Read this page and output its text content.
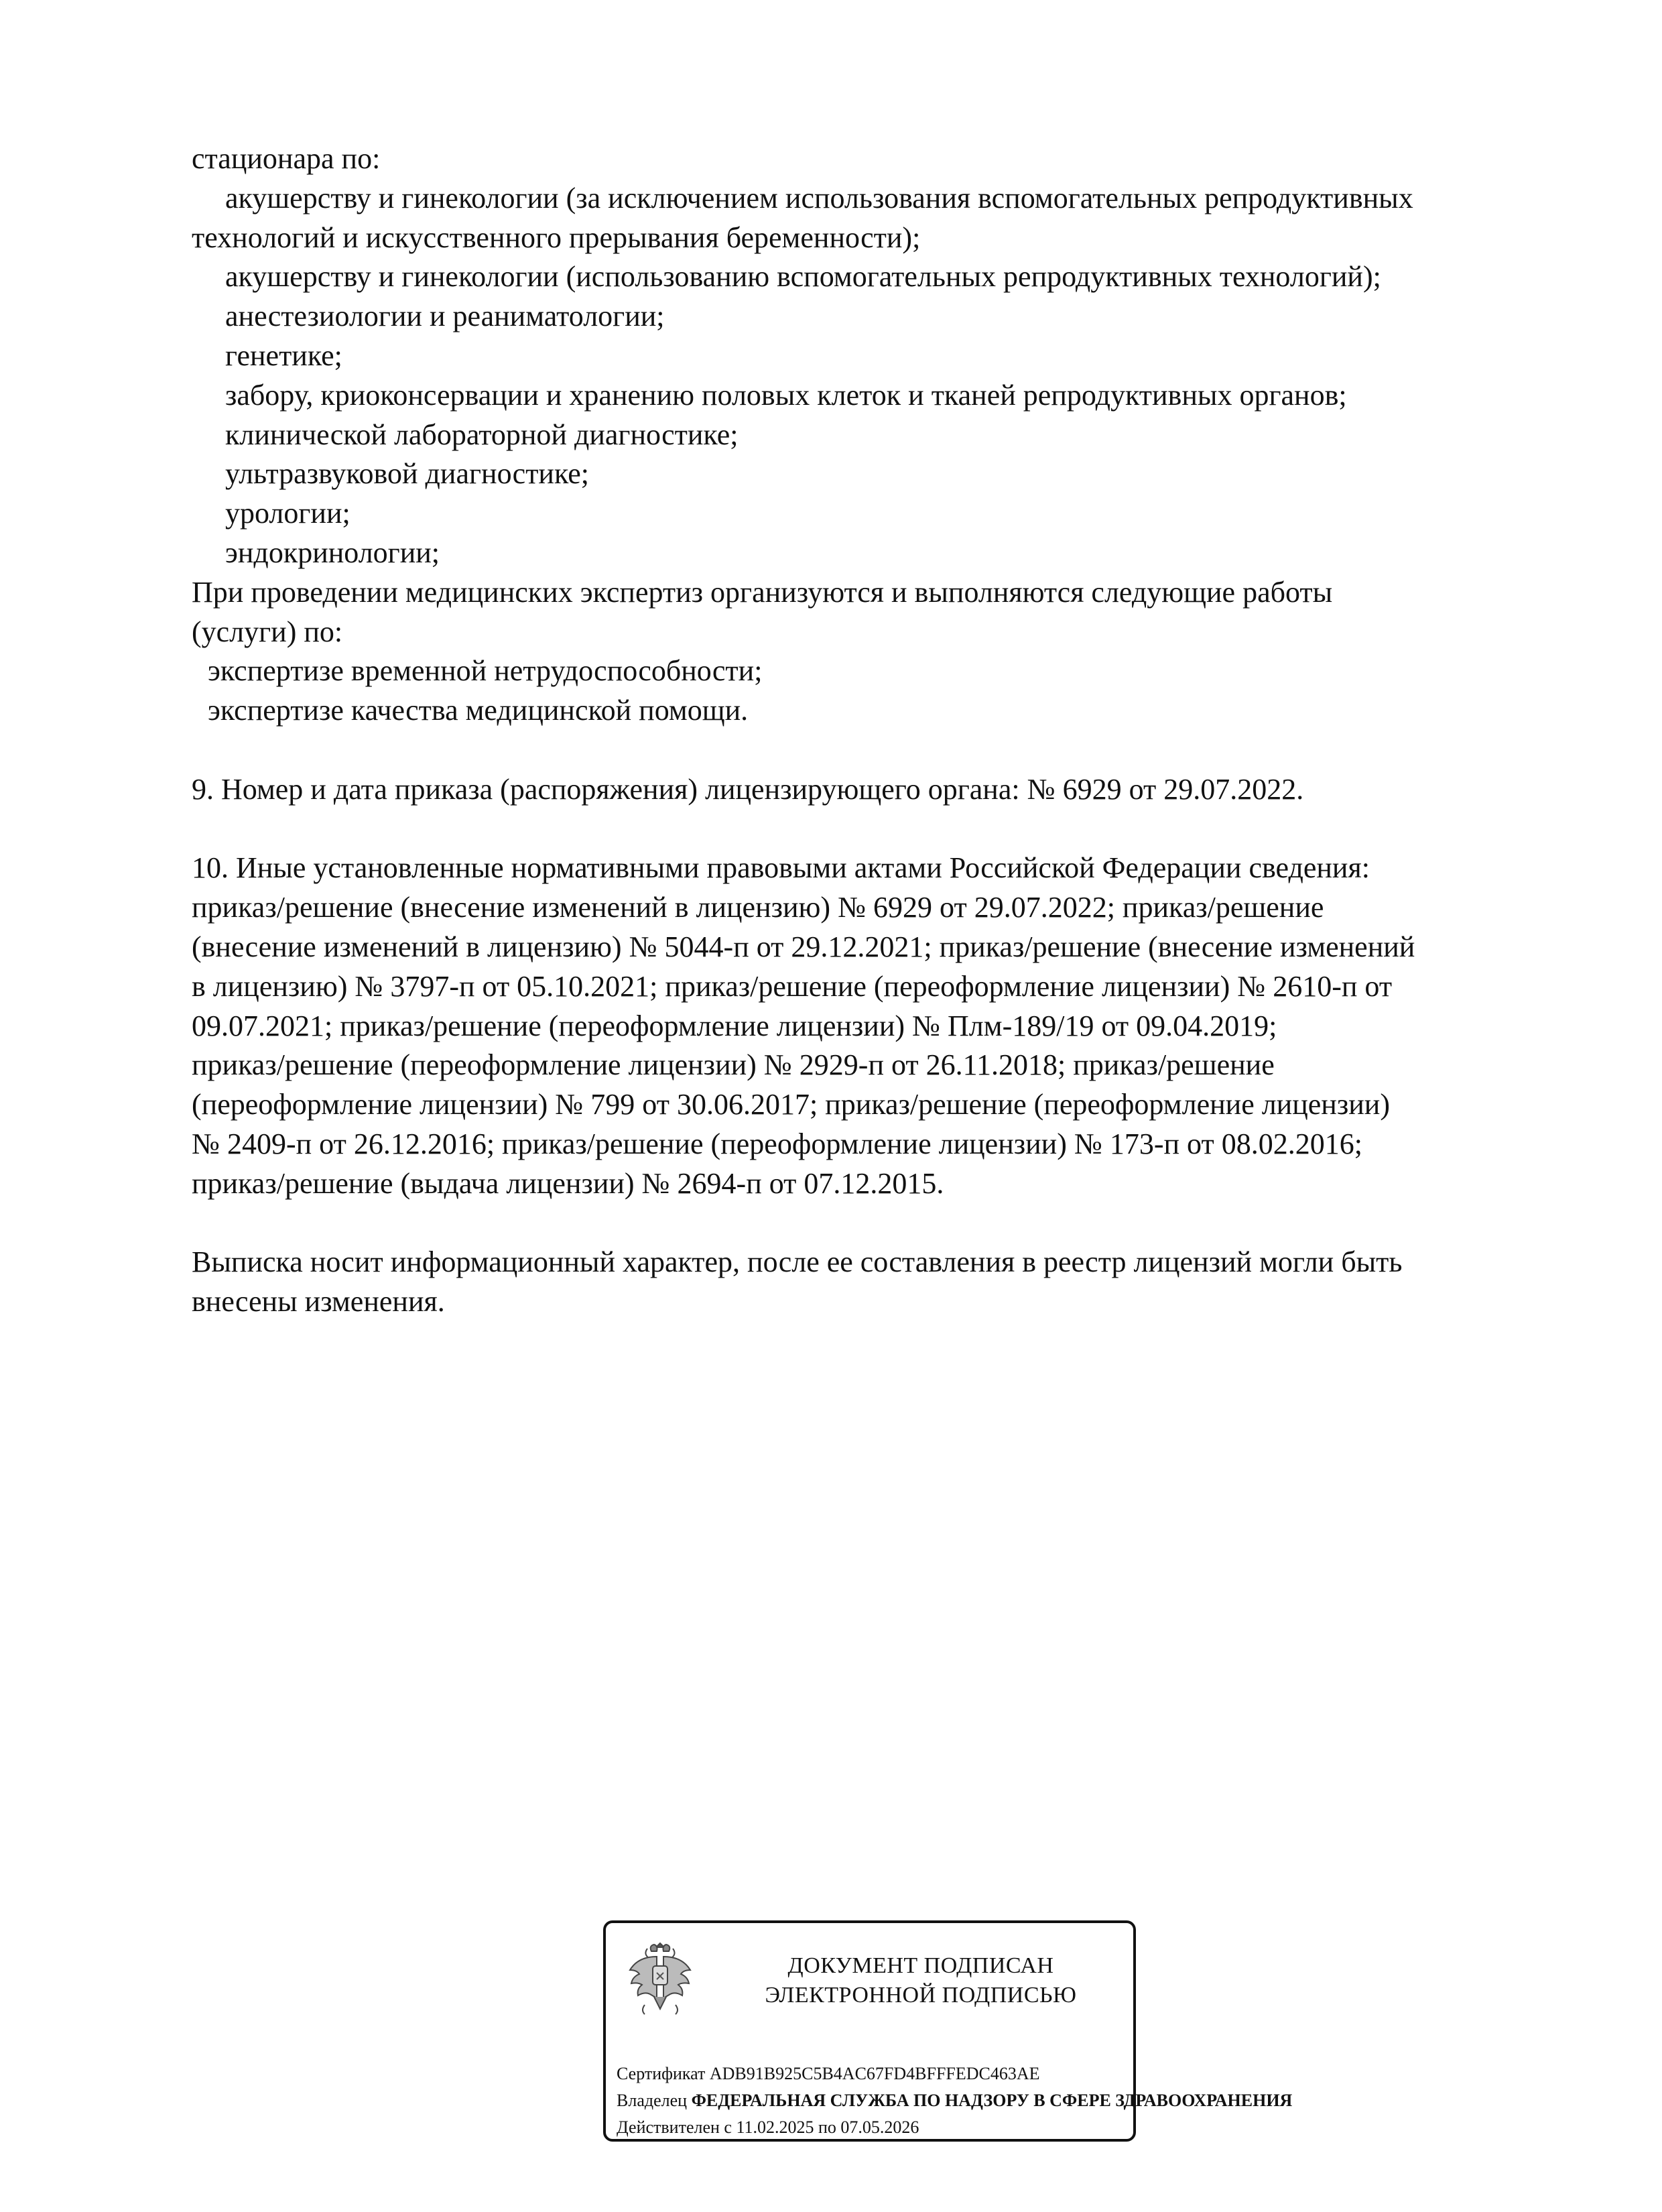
стационара по:
акушерству и гинекологии (за исключением использования вспомогательных репродуктивных
технологий и искусственного прерывания беременности);
акушерству и гинекологии (использованию вспомогательных репродуктивных технологий);
анестезиологии и реаниматологии;
генетике;
забору, криоконсервации и хранению половых клеток и тканей репродуктивных органов;
клинической лабораторной диагностике;
ультразвуковой диагностике;
урологии;
эндокринологии;
При проведении медицинских экспертиз организуются и выполняются следующие работы
(услуги) по:
экспертизе временной нетрудоспособности;
экспертизе качества медицинской помощи.
9. Номер и дата приказа (распоряжения) лицензирующего органа: № 6929 от 29.07.2022.
10. Иные установленные нормативными правовыми актами Российской Федерации сведения:
приказ/решение (внесение изменений в лицензию) № 6929 от 29.07.2022; приказ/решение
(внесение изменений в лицензию) № 5044-п от 29.12.2021; приказ/решение (внесение изменений
в лицензию) № 3797-п от 05.10.2021; приказ/решение (переоформление лицензии) № 2610-п от
09.07.2021; приказ/решение (переоформление лицензии) № Плм-189/19 от 09.04.2019;
приказ/решение (переоформление лицензии) № 2929-п от 26.11.2018; приказ/решение
(переоформление лицензии) № 799 от 30.06.2017; приказ/решение (переоформление лицензии)
№ 2409-п от 26.12.2016; приказ/решение (переоформление лицензии) № 173-п от 08.02.2016;
приказ/решение (выдача лицензии) № 2694-п от 07.12.2015.
Выписка носит информационный характер, после ее составления в реестр лицензий могли быть
внесены изменения.
ДОКУМЕНТ ПОДПИСАН
ЭЛЕКТРОННОЙ ПОДПИСЬЮ
Сертификат ADB91B925C5B4AC67FD4BFFFEDC463AE
Владелец ФЕДЕРАЛЬНАЯ СЛУЖБА ПО НАДЗОРУ В СФЕРЕ ЗДРАВООХРАНЕНИЯ
Действителен с 11.02.2025 по 07.05.2026
